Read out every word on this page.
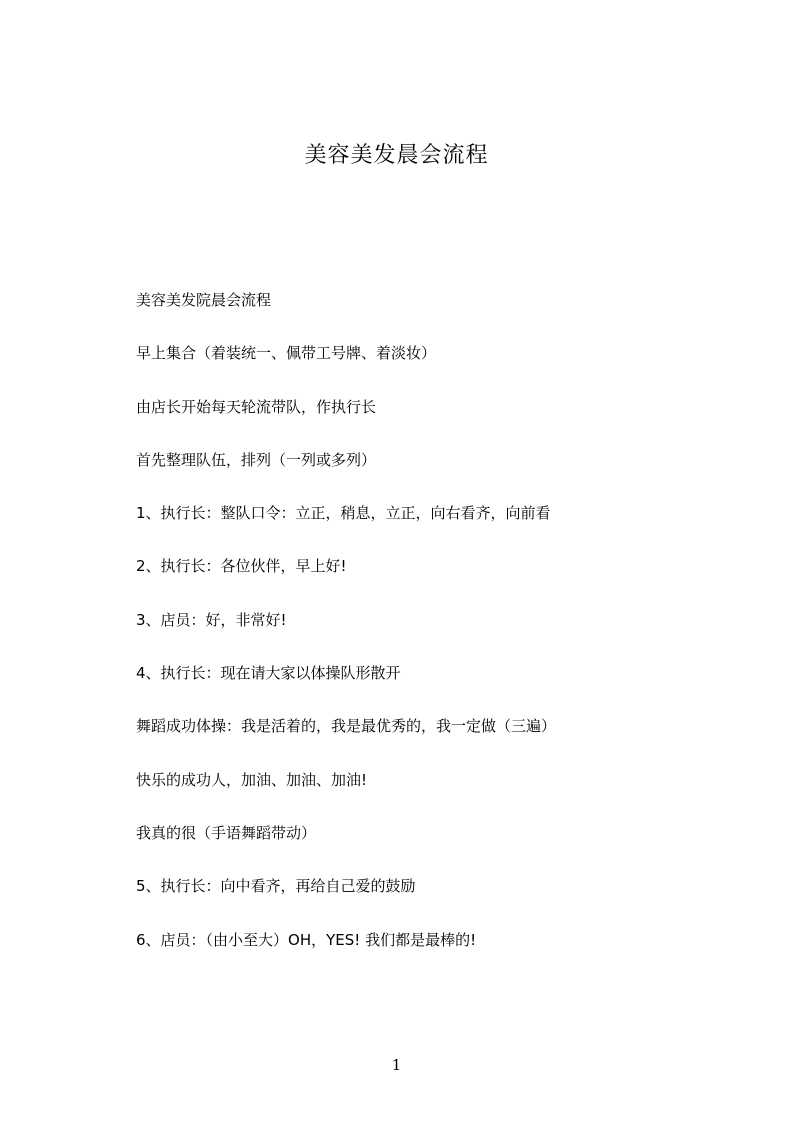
美容美发晨会流程
美容美发院晨会流程
早上集合（着装统一、佩带工号牌、着淡妆）
由店长开始每天轮流带队，作执行长
首先整理队伍，排列（一列或多列）
1、执行长：整队口令：立正，稍息，立正，向右看齐，向前看
2、执行长：各位伙伴，早上好!
3、店员：好，非常好!
4、执行长：现在请大家以体操队形散开
舞蹈成功体操：我是活着的，我是最优秀的，我一定做（三遍）
快乐的成功人，加油、加油、加油!
我真的很（手语舞蹈带动）
5、执行长：向中看齐，再给自己爱的鼓励
6、店员：（由小至大）OH，YES! 我们都是最棒的!
1
